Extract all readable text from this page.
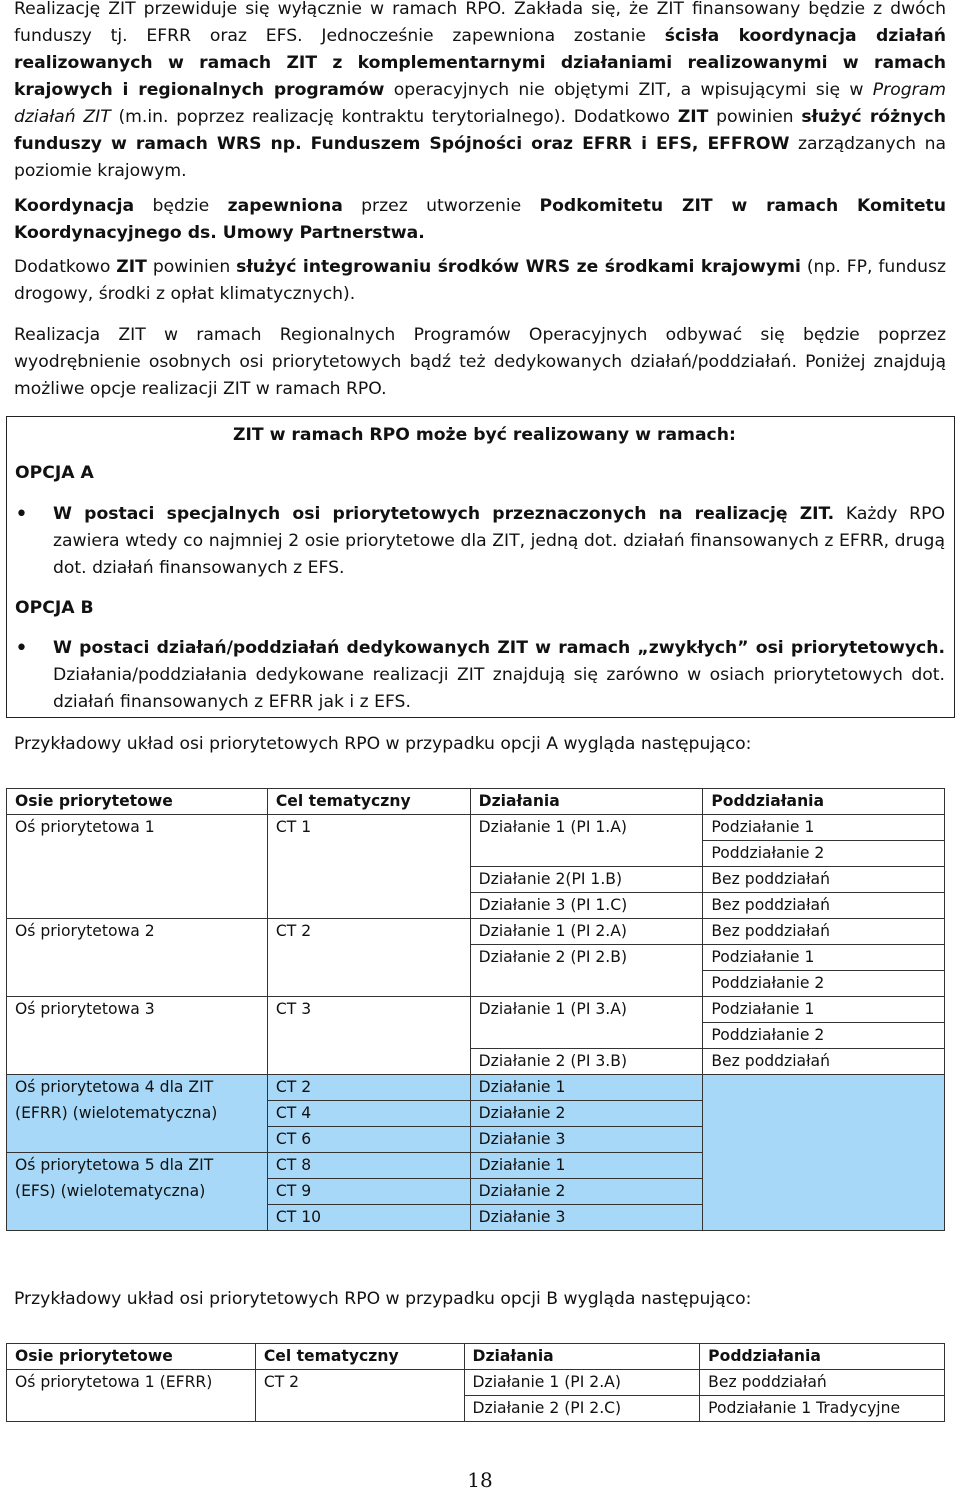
Realizację ZIT przewiduje się wyłącznie w ramach RPO. Zakłada się, że ZIT finansowany będzie z dwóch funduszy tj. EFRR oraz EFS. Jednocześnie zapewniona zostanie ścisła koordynacja działań realizowanych w ramach ZIT z komplementarnymi działaniami realizowanymi w ramach krajowych i regionalnych programów operacyjnych nie objętymi ZIT, a wpisującymi się w Program działań ZIT (m.in. poprzez realizację kontraktu terytorialnego). Dodatkowo ZIT powinien służyć różnych funduszy w ramach WRS np. Funduszem Spójności oraz EFRR i EFS, EFFROW zarządzanych na poziomie krajowym.

Koordynacja będzie zapewniona przez utworzenie Podkomitetu ZIT w ramach Komitetu Koordynacyjnego ds. Umowy Partnerstwa.

Dodatkowo ZIT powinien służyć integrowaniu środków WRS ze środkami krajowymi (np. FP, fundusz drogowy, środki z opłat klimatycznych).

Realizacja ZIT w ramach Regionalnych Programów Operacyjnych odbywać się będzie poprzez wyodrębnienie osobnych osi priorytetowych bądź też dedykowanych działań/poddziałań. Poniżej znajdują możliwe opcje realizacji ZIT w ramach RPO.

ZIT w ramach RPO może być realizowany w ramach:
OPCJA A
• W postaci specjalnych osi priorytetowych przeznaczonych na realizację ZIT. Każdy RPO zawiera wtedy co najmniej 2 osie priorytetowe dla ZIT, jedną dot. działań finansowanych z EFRR, drugą dot. działań finansowanych z EFS.
OPCJA B
• W postaci działań/poddziałań dedykowanych ZIT w ramach „zwykłych” osi priorytetowych. Działania/poddziałania dedykowane realizacji ZIT znajdują się zarówno w osiach priorytetowych dot. działań finansowanych z EFRR jak i z EFS.
Przykładowy układ osi priorytetowych RPO w przypadku opcji A wygląda następująco:
Osie priorytetowe	Cel tematyczny	Działania	Poddziałania
Oś priorytetowa 1	CT 1	Działanie 1 (PI 1.A)	Podziałanie 1
			Poddziałanie 2
		Działanie 2(PI 1.B)	Bez poddziałań
		Działanie 3 (PI 1.C)	Bez poddziałań
Oś priorytetowa 2	CT 2	Działanie 1 (PI 2.A)	Bez poddziałań
		Działanie 2 (PI 2.B)	Podziałanie 1
			Poddziałanie 2
Oś priorytetowa 3	CT 3	Działanie 1 (PI 3.A)	Podziałanie 1
			Poddziałanie 2
		Działanie 2 (PI 3.B)	Bez poddziałań
Oś priorytetowa 4 dla ZIT	CT 2	Działanie 1	
(EFRR) (wielotematyczna)	CT 4	Działanie 2	
	CT 6	Działanie 3	
Oś priorytetowa 5 dla ZIT	CT 8	Działanie 1	
(EFS) (wielotematyczna)	CT 9	Działanie 2	
	CT 10	Działanie 3	
Przykładowy układ osi priorytetowych RPO w przypadku opcji B wygląda następująco:
Osie priorytetowe	Cel tematyczny	Działania	Poddziałania
Oś priorytetowa 1 (EFRR)	CT 2	Działanie 1 (PI 2.A)	Bez poddziałań
		Działanie 2 (PI 2.C)	Podziałanie 1 Tradycyjne
18
